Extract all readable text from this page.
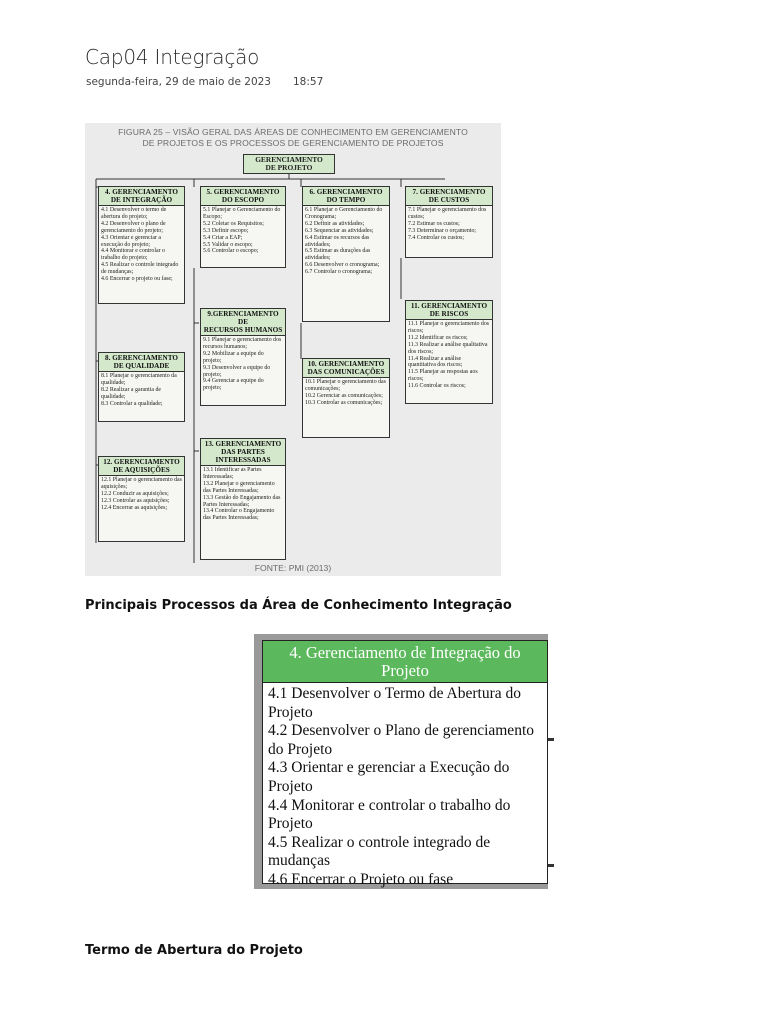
Cap04 Integração
segunda-feira, 29 de maio de 2023 18:57
FIGURA 25 – VISÃO GERAL DAS ÁREAS DE CONHECIMENTO EM GERENCIAMENTO
DE PROJETOS E OS PROCESSOS DE GERENCIAMENTO DE PROJETOS
GERENCIAMENTO
DE PROJETO
4. GERENCIAMENTO
DE INTEGRAÇÃO
4.1 Desenvolver o termo de abertura do projeto;
4.2 Desenvolver o plano de gerenciamento do projeto;
4.3 Orientar e gerenciar a execução do projeto;
4.4 Monitorar e controlar o trabalho do projeto;
4.5 Realizar o controle integrado de mudanças;
4.6 Encerrar o projeto ou fase;
5. GERENCIAMENTO
DO ESCOPO
5.1 Planejar o Gerenciamento do Escopo;
5.2 Coletar os Requisitos;
5.3 Definir escopo;
5.4 Criar a EAP;
5.5 Validar o escopo;
5.6 Controlar o escopo;
6. GERENCIAMENTO
DO TEMPO
6.1 Planejar o Gerenciamento do Cronograma;
6.2 Definir as atividades;
6.3 Sequenciar as atividades;
6.4 Estimar os recursos das atividades;
6.5 Estimar as durações das atividades;
6.6 Desenvolver o cronograma;
6.7 Controlar o cronograma;
7. GERENCIAMENTO
DE CUSTOS
7.1 Planejar o gerenciamento dos custos;
7.2 Estimar os custos;
7.3 Determinar o orçamento;
7.4 Controlar os custos;
8. GERENCIAMENTO
DE QUALIDADE
8.1 Planejar o gerenciamento da qualidade;
8.2 Realizar a garantia de qualidade;
8.3 Controlar a qualidade;
9.GERENCIAMENTO DE
RECURSOS HUMANOS
9.1 Planejar o gerenciamento dos recursos humanos;
9.2 Mobilizar a equipe do projeto;
9.3 Desenvolver a equipe do projeto;
9.4 Gerenciar a equipe do projeto;
10. GERENCIAMENTO
DAS COMUNICAÇÕES
10.1 Planejar o gerenciamento das comunicações;
10.2 Gerenciar as comunicações;
10.3 Controlar as comunicações;
11. GERENCIAMENTO
DE RISCOS
11.1 Planejar o gerenciamento dos riscos;
11.2 Identificar os riscos;
11.3 Realizar a análise qualitativa dos riscos;
11.4 Realizar a análise quantitativa dos riscos;
11.5 Planejar as respostas aos riscos;
11.6 Controlar os riscos;
12. GERENCIAMENTO
DE AQUISIÇÕES
12.1 Planejar o gerenciamento das aquisições;
12.2 Conduzir as aquisições;
12.3 Controlar as aquisições;
12.4 Encerrar as aquisições;
13. GERENCIAMENTO
DAS PARTES
INTERESSADAS
13.1 Identificar as Partes Interessadas;
13.2 Planejar o gerenciamento das Partes Interessadas;
13.3 Gestão do Engajamento das Partes Interessadas;
13.4 Controlar o Engajamento das Partes Interessadas;
FONTE: PMI (2013)
Principais Processos da Área de Conhecimento Integração
4. Gerenciamento de Integração do Projeto
4.1 Desenvolver o Termo de Abertura do Projeto
4.2 Desenvolver o Plano de gerenciamento do Projeto
4.3 Orientar e gerenciar a Execução do Projeto
4.4 Monitorar e controlar o trabalho do Projeto
4.5 Realizar o controle integrado de mudanças
4.6 Encerrar o Projeto ou fase
Termo de Abertura do Projeto
